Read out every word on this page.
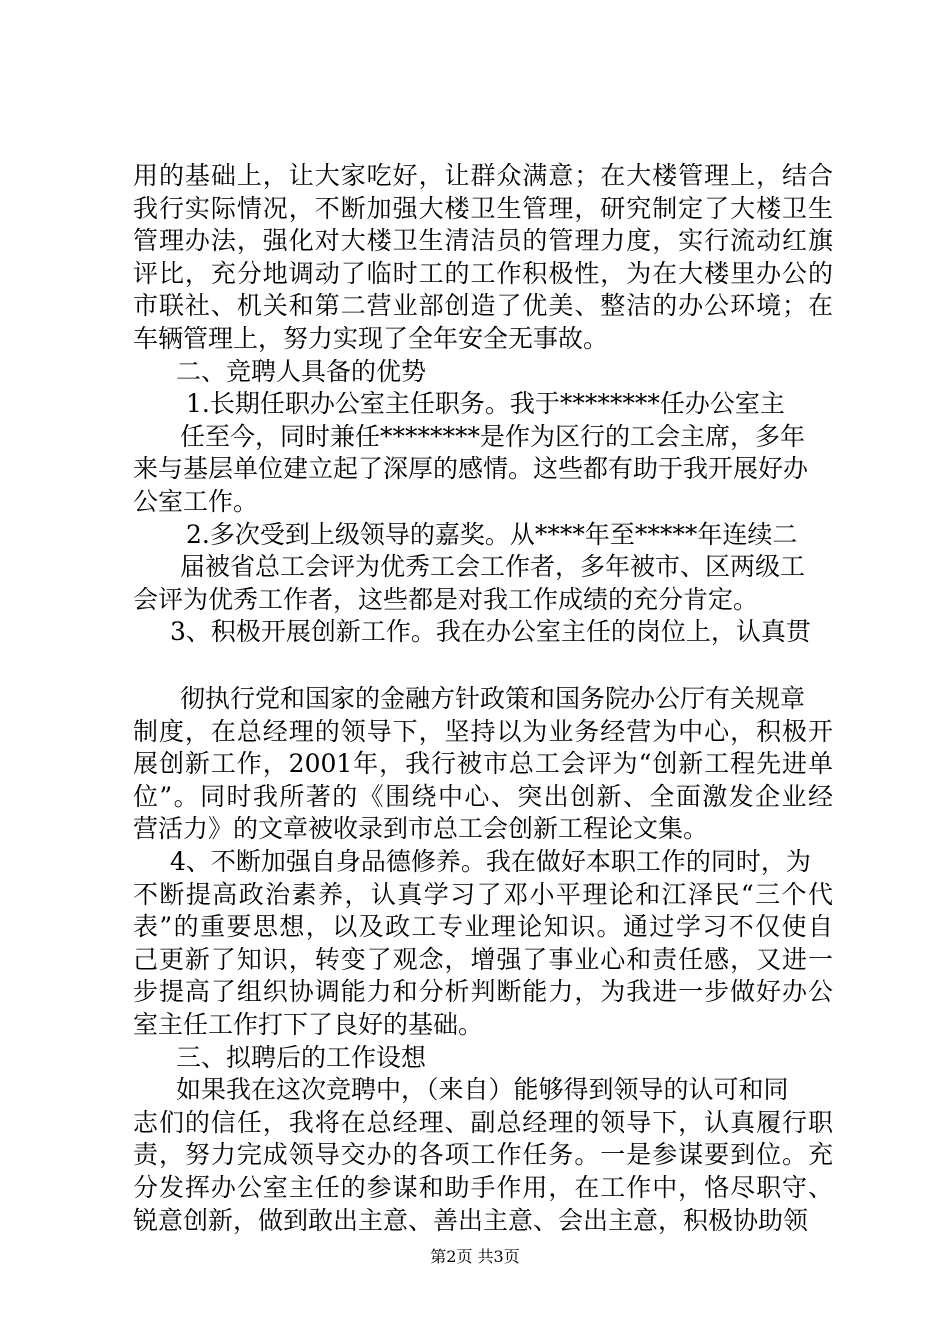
用的基础上，让大家吃好，让群众满意；在大楼管理上，结合
我行实际情况，不断加强大楼卫生管理，研究制定了大楼卫生
管理办法，强化对大楼卫生清洁员的管理力度，实行流动红旗
评比，充分地调动了临时工的工作积极性，为在大楼里办公的
市联社、机关和第二营业部创造了优美、整洁的办公环境；在
车辆管理上，努力实现了全年安全无事故。
二、竞聘人具备的优势
1.长期任职办公室主任职务。我于********任办公室主
任至今，同时兼任********是作为区行的工会主席，多年
来与基层单位建立起了深厚的感情。这些都有助于我开展好办
公室工作。
2.多次受到上级领导的嘉奖。从****年至*****年连续二
届被省总工会评为优秀工会工作者，多年被市、区两级工
会评为优秀工作者，这些都是对我工作成绩的充分肯定。
3、积极开展创新工作。我在办公室主任的岗位上，认真贯
彻执行党和国家的金融方针政策和国务院办公厅有关规章
制度，在总经理的领导下，坚持以为业务经营为中心，积极开
展创新工作，2001年，我行被市总工会评为“创新工程先进单
位”。同时我所著的《围绕中心、突出创新、全面激发企业经
营活力》的文章被收录到市总工会创新工程论文集。
4、不断加强自身品德修养。我在做好本职工作的同时，为
不断提高政治素养，认真学习了邓小平理论和江泽民“三个代
表”的重要思想，以及政工专业理论知识。通过学习不仅使自
己更新了知识，转变了观念，增强了事业心和责任感，又进一
步提高了组织协调能力和分析判断能力，为我进一步做好办公
室主任工作打下了良好的基础。
三、拟聘后的工作设想
如果我在这次竞聘中，（来自）能够得到领导的认可和同
志们的信任，我将在总经理、副总经理的领导下，认真履行职
责，努力完成领导交办的各项工作任务。一是参谋要到位。充
分发挥办公室主任的参谋和助手作用，在工作中，恪尽职守、
锐意创新，做到敢出主意、善出主意、会出主意，积极协助领
第2页 共3页
